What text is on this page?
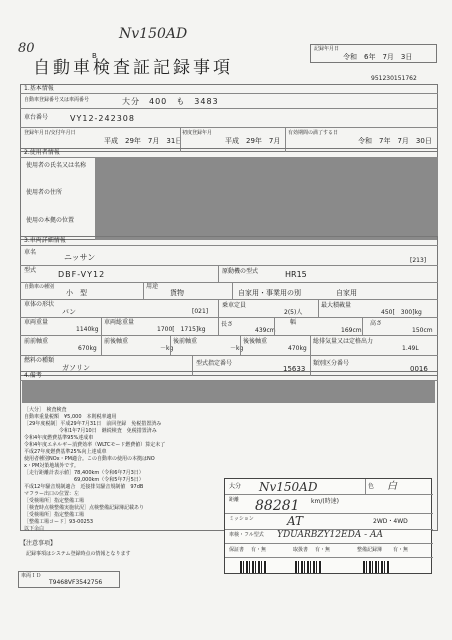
Nv150AD
80	B
記録年月日
令和　6年　7月　3日
自動車検査証記録事項
951230151762
1.基本情報
自動車登録番号又は車両番号	大分　400　も　3483
車台番号	VY12-242308
登録年月日/交付年月日
平成　29年　7月　31日
初度登録年月
平成　29年　7月
有効期間の満了する日
令和　7年　7月　30日
2.使用者情報
使用者の氏名又は名称
使用者の住所
使用の本拠の位置
3.車両詳細情報
車名
ニッサン	[213]
型式	DBF-VY12	原動機の型式	HR15
自動車の種別
小　型
用途
貨物	自家用・事業用の別	自家用
車体の形状
バン	[021]
乗車定員
2(5)人
最大積載量
450[　300]kg
車両重量
1140kg
車両総重量
1700[　1715]kg
長さ
439cm
幅
169cm
高さ
150cm
前前軸重
670kg
前後軸重
－kg
後前軸重
－kg
後後軸重
470kg
総排気量又は定格出力
1.49L
燃料の種類
ガソリン
型式指定番号
15633
類別区分番号
0016
4.備考
［大分］　検査検査
自動車重量税額　¥5,000　本則税率適用
［29年度税制］平成29年7月31日　前回登録　免税措置済み
　　　　　　　令和1年7月10日　継続検査　免税措置済み
令和4年度燃費基準95%達成車
令和4年度エネルギー消費効率（WLTCモード燃費値）算定未了
平成27年度燃費基準25%向上達成車
使用者種別NOx・PM適合。この自動車の使用の本拠はNO
x・PM対策地域外です。
［走行距離計表示値］78,400km（令和6年7月3日）
　　　　　　　　　　69,000km（令和5年7月5日）
平成12年騒音規制適合　近接排気騒音規制値　97dB
マフラー出口の位置：左
［受検場所］指定整備工場
［検査時点検整備実施状況］点検整備記録簿記載あり
［受検場所］指定整備工場
［整備工場コード］93-00253
以下余白
大分 Nv150AD	色 白
距離 88281 km/(時速)
ミッション	AT	2WD・4WD
車検・フル型式 YDUARBZY12EDA - AA
保証書 有・無	取扱書 有・無	整備記録簿 有・無
【注意事項】
記録事項はシステム登録時点の情報となります
車両ＩＤ
T9468VF3542756
